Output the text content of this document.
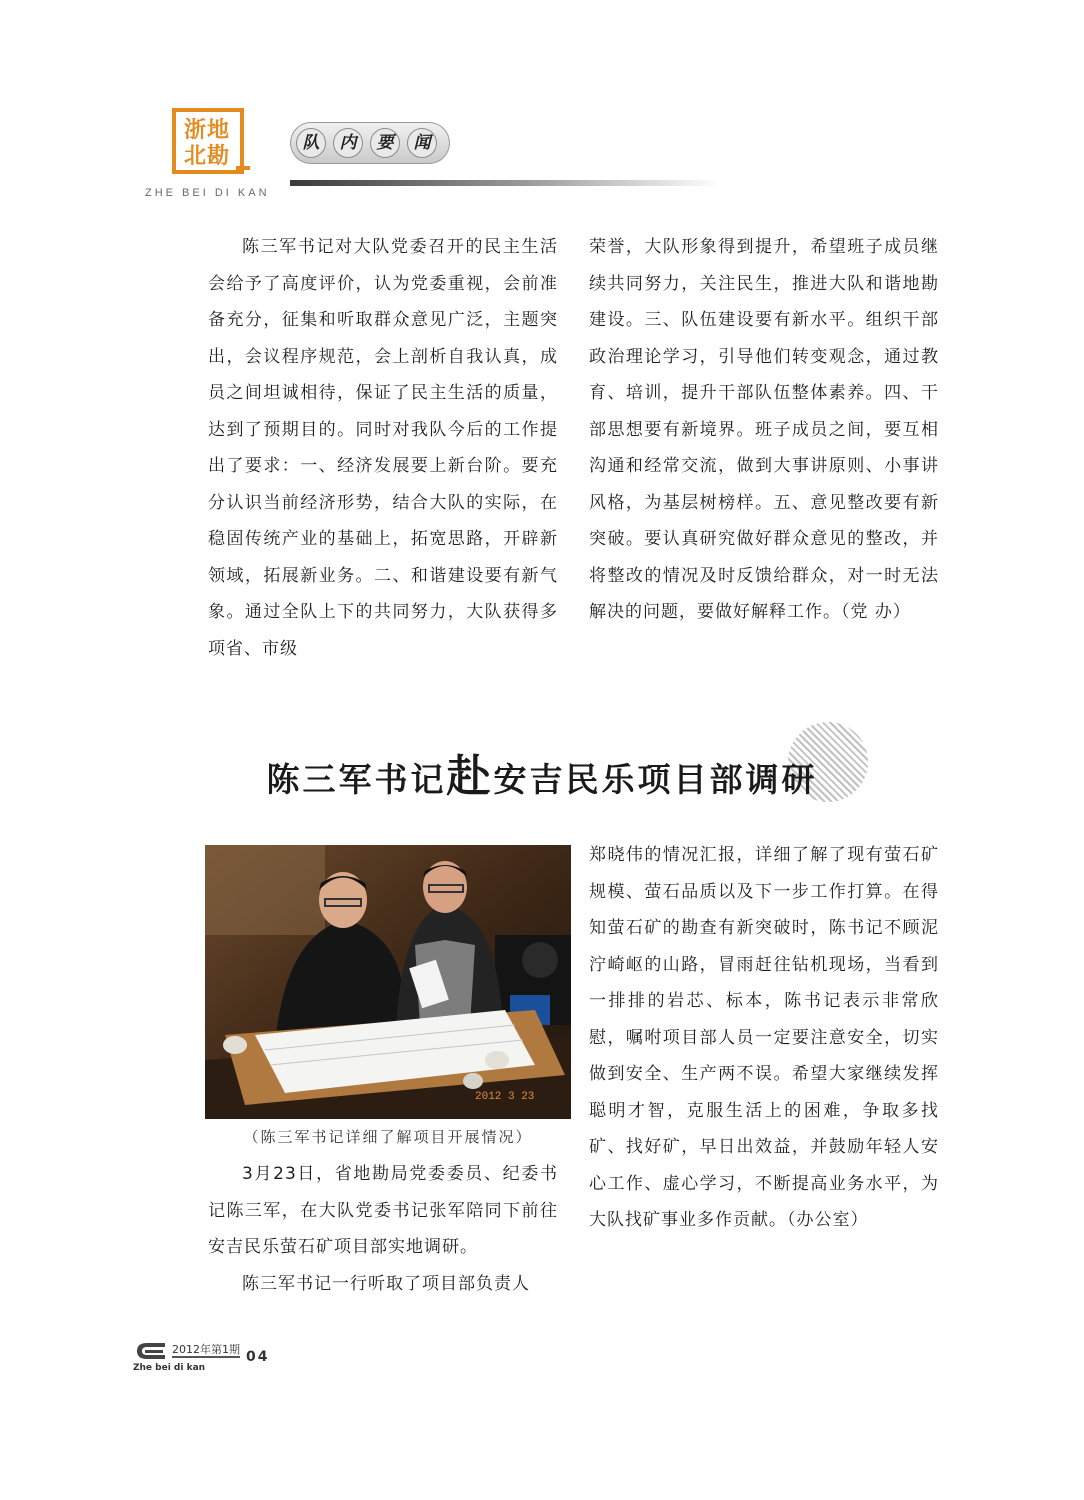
浙地
北勘
ZHE BEI DI KAN
队	内	要	闻

陈三军书记对大队党委召开的民主生活会给予了高度评价，认为党委重视，会前准备充分，征集和听取群众意见广泛，主题突出，会议程序规范，会上剖析自我认真，成员之间坦诚相待，保证了民主生活的质量，达到了预期目的。同时对我队今后的工作提出了要求：一、经济发展要上新台阶。要充分认识当前经济形势，结合大队的实际，在稳固传统产业的基础上，拓宽思路，开辟新领域，拓展新业务。二、和谐建设要有新气象。通过全队上下的共同努力，大队获得多项省、市级

荣誉，大队形象得到提升，希望班子成员继续共同努力，关注民生，推进大队和谐地勘建设。三、队伍建设要有新水平。组织干部政治理论学习，引导他们转变观念，通过教育、培训，提升干部队伍整体素养。四、干部思想要有新境界。班子成员之间，要互相沟通和经常交流，做到大事讲原则、小事讲风格，为基层树榜样。五、意见整改要有新突破。要认真研究做好群众意见的整改，并将整改的情况及时反馈给群众，对一时无法解决的问题，要做好解释工作。（党 办）

陈三军书记赴安吉民乐项目部调研
2012 3 23
（陈三军书记详细了解项目开展情况）

3月23日，省地勘局党委委员、纪委书记陈三军，在大队党委书记张军陪同下前往安吉民乐萤石矿项目部实地调研。

陈三军书记一行听取了项目部负责人

郑晓伟的情况汇报，详细了解了现有萤石矿规模、萤石品质以及下一步工作打算。在得知萤石矿的勘查有新突破时，陈书记不顾泥泞崎岖的山路，冒雨赶往钻机现场，当看到一排排的岩芯、标本，陈书记表示非常欣慰，嘱咐项目部人员一定要注意安全，切实做到安全、生产两不误。希望大家继续发挥聪明才智，克服生活上的困难，争取多找矿、找好矿，早日出效益，并鼓励年轻人安心工作、虚心学习，不断提高业务水平，为大队找矿事业多作贡献。（办公室）

2012年第1期 04
Zhe bei di kan
